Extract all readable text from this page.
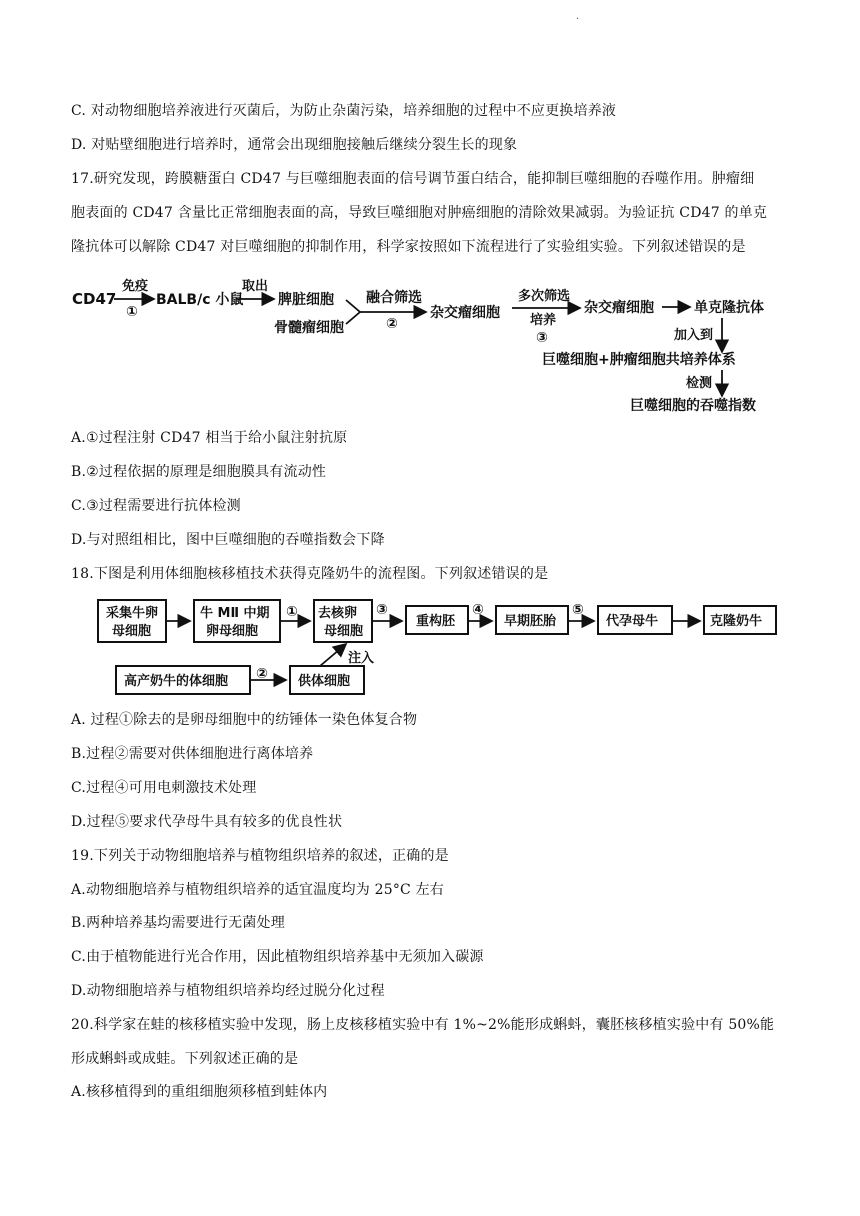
·
C. 对动物细胞培养液进行灭菌后，为防止杂菌污染，培养细胞的过程中不应更换培养液
D. 对贴壁细胞进行培养时，通常会出现细胞接触后继续分裂生长的现象
17.研究发现，跨膜糖蛋白 CD47 与巨噬细胞表面的信号调节蛋白结合，能抑制巨噬细胞的吞噬作用。肿瘤细
胞表面的 CD47 含量比正常细胞表面的高，导致巨噬细胞对肿癌细胞的清除效果减弱。为验证抗 CD47 的单克
隆抗体可以解除 CD47 对巨噬细胞的抑制作用，科学家按照如下流程进行了实验组实验。下列叙述错误的是
CD47
免疫
①
BALB/c 小鼠
取出
脾脏细胞
骨髓瘤细胞
融合筛选
②
杂交瘤细胞
多次筛选
培养
③
杂交瘤细胞	单克隆抗体
加入到
巨噬细胞+肿瘤细胞共培养体系
检测
巨噬细胞的吞噬指数
A.①过程注射 CD47 相当于给小鼠注射抗原
B.②过程依据的原理是细胞膜具有流动性
C.③过程需要进行抗体检测
D.与对照组相比，图中巨噬细胞的吞噬指数会下降
18.下图是利用体细胞核移植技术获得克隆奶牛的流程图。下列叙述错误的是
采集牛卵
母细胞
牛 MⅡ 中期
卵母细胞
① 去核卵
母细胞
③
重构胚
④
早期胚胎
⑤
代孕母牛	克隆奶牛
高产奶牛的体细胞 ② 供体细胞
注入
A. 过程①除去的是卵母细胞中的纺锤体一染色体复合物
B.过程②需要对供体细胞进行离体培养
C.过程④可用电刺激技术处理
D.过程⑤要求代孕母牛具有较多的优良性状
19.下列关于动物细胞培养与植物组织培养的叙述，正确的是
A.动物细胞培养与植物组织培养的适宜温度均为 25°C 左右
B.两种培养基均需要进行无菌处理
C.由于植物能进行光合作用，因此植物组织培养基中无须加入碳源
D.动物细胞培养与植物组织培养均经过脱分化过程
20.科学家在蛙的核移植实验中发现，肠上皮核移植实验中有 1%~2%能形成蝌蚪，囊胚核移植实验中有 50%能
形成蝌蚪或成蛙。下列叙述正确的是
A.核移植得到的重组细胞须移植到蛙体内
